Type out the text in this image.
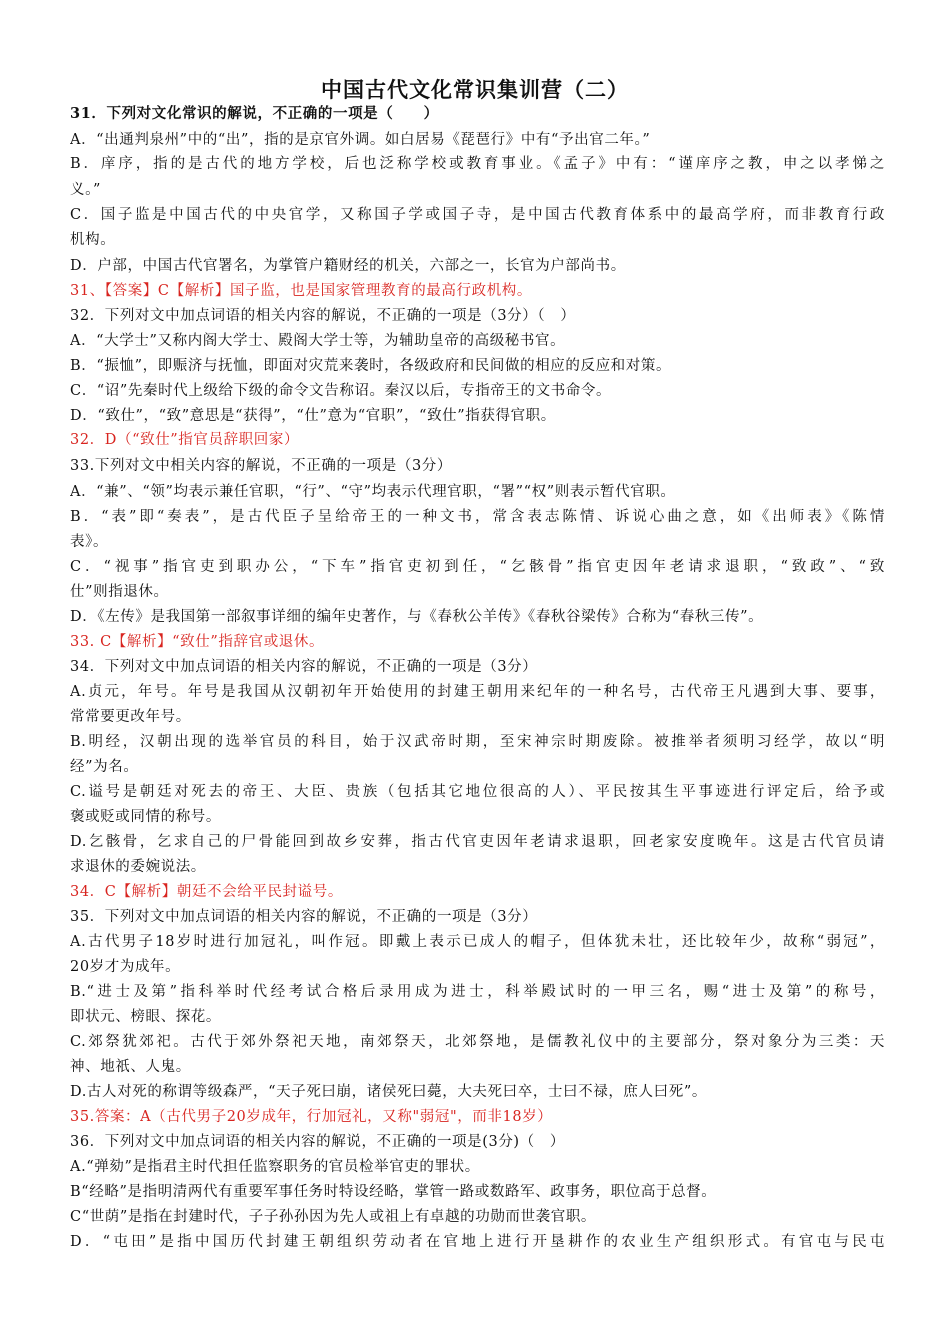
中国古代文化常识集训营（二）
31．下列对文化常识的解说，不正确的一项是（　　）
A．“出通判泉州”中的“出”，指的是京官外调。如白居易《琵琶行》中有“予出官二年。”
B．庠序，指的是古代的地方学校，后也泛称学校或教育事业。《孟子》中有：“谨庠序之教，申之以孝悌之
义。”
C．国子监是中国古代的中央官学，又称国子学或国子寺，是中国古代教育体系中的最高学府，而非教育行政
机构。
D．户部，中国古代官署名，为掌管户籍财经的机关，六部之一，长官为户部尚书。
31、【答案】C【解析】国子监，也是国家管理教育的最高行政机构。
32．下列对文中加点词语的相关内容的解说，不正确的一项是（3分）（　）
A．“大学士”又称内阁大学士、殿阁大学士等，为辅助皇帝的高级秘书官。
B．“振恤”，即赈济与抚恤，即面对灾荒来袭时，各级政府和民间做的相应的反应和对策。
C．“诏”先秦时代上级给下级的命令文告称诏。秦汉以后，专指帝王的文书命令。
D．“致仕”，“致”意思是“获得”，“仕”意为“官职”，“致仕”指获得官职。
32．D（“致仕”指官员辞职回家）
33.下列对文中相关内容的解说，不正确的一项是（3分）
A．“兼”、“领”均表示兼任官职，“行”、“守”均表示代理官职，“署”“权”则表示暂代官职。
B．“表”即“奏表”，是古代臣子呈给帝王的一种文书，常含表志陈情、诉说心曲之意，如《出师表》《陈情
表》。
C．“视事”指官吏到职办公，“下车”指官吏初到任，“乞骸骨”指官吏因年老请求退职，“致政”、“致
仕”则指退休。
D．《左传》是我国第一部叙事详细的编年史著作，与《春秋公羊传》《春秋谷梁传》合称为“春秋三传”。
33. C【解析】“致仕”指辞官或退休。
34．下列对文中加点词语的相关内容的解说，不正确的一项是（3分）
A.贞元，年号。年号是我国从汉朝初年开始使用的封建王朝用来纪年的一种名号，古代帝王凡遇到大事、要事，
常常要更改年号。
B.明经，汉朝出现的选举官员的科目，始于汉武帝时期，至宋神宗时期废除。被推举者须明习经学，故以“明
经”为名。
C.谥号是朝廷对死去的帝王、大臣、贵族（包括其它地位很高的人）、平民按其生平事迹进行评定后，给予或
褒或贬或同情的称号。
D.乞骸骨，乞求自己的尸骨能回到故乡安葬，指古代官吏因年老请求退职，回老家安度晚年。这是古代官员请
求退休的委婉说法。
34．C【解析】朝廷不会给平民封谥号。
35．下列对文中加点词语的相关内容的解说，不正确的一项是（3分）
A.古代男子18岁时进行加冠礼，叫作冠。即戴上表示已成人的帽子，但体犹未壮，还比较年少，故称“弱冠”，
20岁才为成年。
B.“进士及第”指科举时代经考试合格后录用成为进士，科举殿试时的一甲三名，赐“进士及第”的称号，
即状元、榜眼、探花。
C.郊祭犹郊祀。古代于郊外祭祀天地，南郊祭天，北郊祭地，是儒教礼仪中的主要部分，祭对象分为三类：天
神、地祇、人鬼。
D.古人对死的称谓等级森严，“天子死曰崩，诸侯死曰薨，大夫死曰卒，士曰不禄，庶人曰死”。
35.答案：A（古代男子20岁成年，行加冠礼，又称"弱冠"，而非18岁）
36．下列对文中加点词语的相关内容的解说，不正确的一项是(3分)（　）
A.“弹劾”是指君主时代担任监察职务的官员检举官吏的罪状。
B“经略”是指明清两代有重要军事任务时特设经略，掌管一路或数路军、政事务，职位高于总督。
C“世荫”是指在封建时代，子子孙孙因为先人或祖上有卓越的功勋而世袭官职。
D．“屯田”是指中国历代封建王朝组织劳动者在官地上进行开垦耕作的农业生产组织形式。有官屯与民屯
